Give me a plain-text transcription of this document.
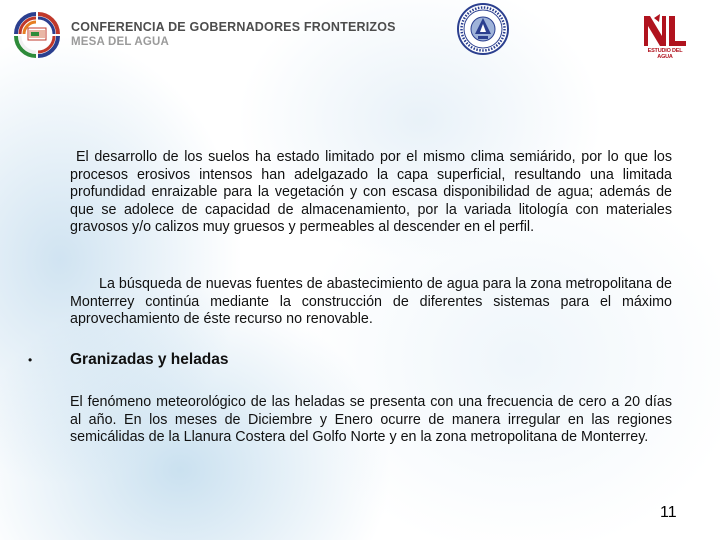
CONFERENCIA DE GOBERNADORES FRONTERIZOS
MESA DEL AGUA
ESTUDIO DEL AGUA

El desarrollo de los suelos ha estado limitado por el mismo clima semiárido, por lo que los procesos erosivos intensos han adelgazado la capa superficial, resultando una limitada profundidad enraizable para la vegetación y con escasa disponibilidad de agua; además de que se adolece de capacidad de almacenamiento, por la variada litología con materiales gravosos y/o calizos muy gruesos y permeables al descender en el perfil.

La búsqueda de nuevas fuentes de abastecimiento de agua para la zona metropolitana de Monterrey continúa mediante la construcción de diferentes sistemas para el máximo aprovechamiento de éste recurso no renovable.

• Granizadas y heladas

El fenómeno meteorológico de las heladas se presenta con una frecuencia de cero a 20 días al año. En los meses de Diciembre y Enero ocurre de manera irregular en las regiones semicálidas de la Llanura Costera del Golfo Norte y en la zona metropolitana de Monterrey.

11
